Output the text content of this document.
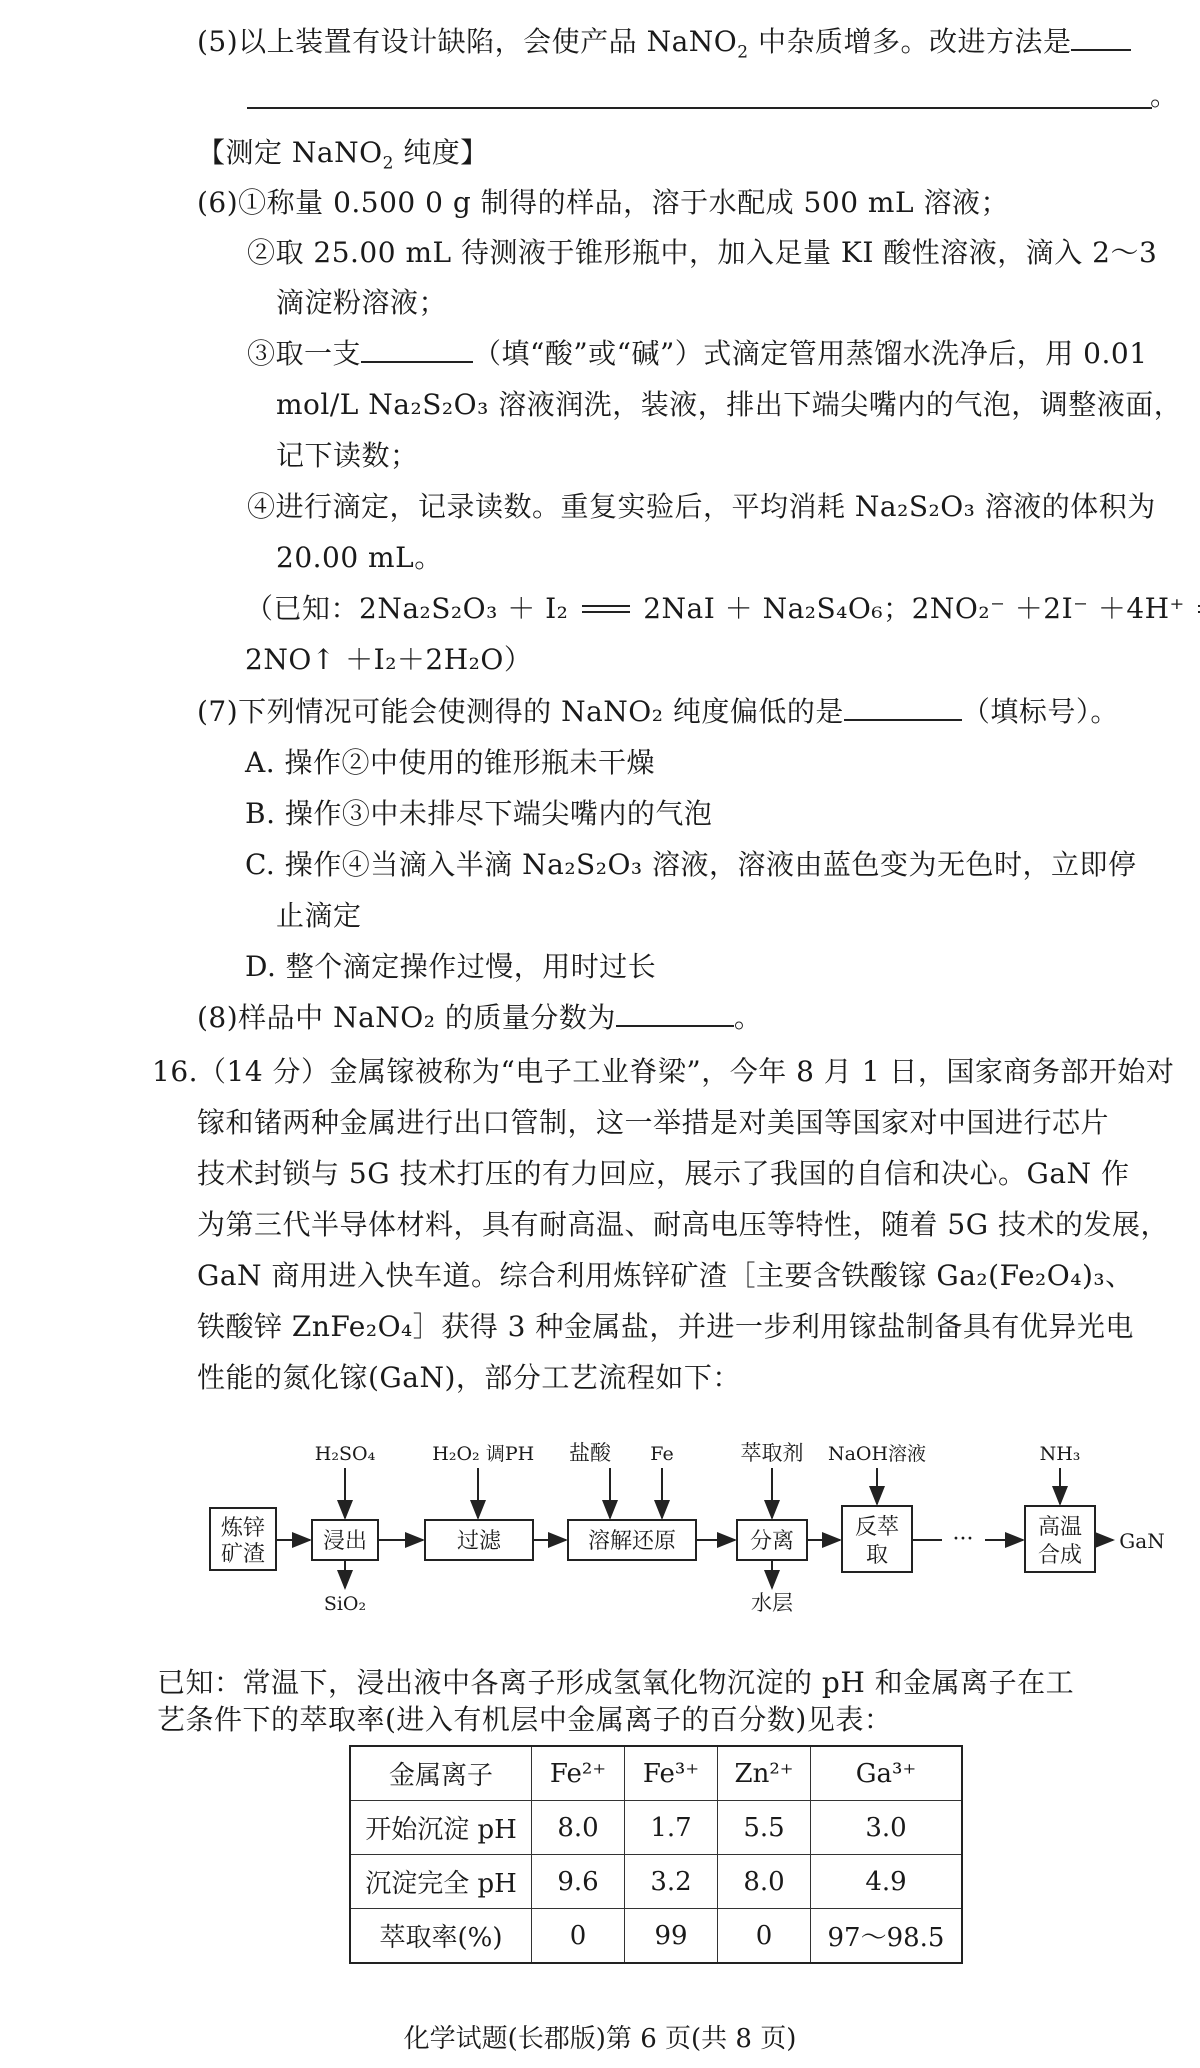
(5)以上装置有设计缺陷，会使产品 NaNO$_2$ 中杂质增多。改进方法是
。
【测定 NaNO$_2$ 纯度】
(6)①称量 0.500 0 g 制得的样品，溶于水配成 500 mL 溶液；
②取 25.00 mL 待测液于锥形瓶中，加入足量 KI 酸性溶液，滴入 2～3
滴淀粉溶液；
③取一支	（填“酸”或“碱”）式滴定管用蒸馏水洗净后，用 0.01
mol/L Na₂S₂O₃ 溶液润洗，装液，排出下端尖嘴内的气泡，调整液面，
记下读数；
④进行滴定，记录读数。重复实验后，平均消耗 Na₂S₂O₃ 溶液的体积为
20.00 mL。
（已知：2Na₂S₂O₃ ＋ I₂  2NaI ＋ Na₂S₄O₆；2NO₂⁻ ＋2I⁻ ＋4H⁺
2NO↑ ＋I₂＋2H₂O）
(7)下列情况可能会使测得的 NaNO₂ 纯度偏低的是	（填标号）。
A. 操作②中使用的锥形瓶未干燥
B. 操作③中未排尽下端尖嘴内的气泡
C. 操作④当滴入半滴 Na₂S₂O₃ 溶液，溶液由蓝色变为无色时，立即停
止滴定
D. 整个滴定操作过慢，用时过长
(8)样品中 NaNO₂ 的质量分数为	。
16.（14 分）金属镓被称为“电子工业脊梁”，今年 8 月 1 日，国家商务部开始对
镓和锗两种金属进行出口管制，这一举措是对美国等国家对中国进行芯片
技术封锁与 5G 技术打压的有力回应，展示了我国的自信和决心。GaN 作
为第三代半导体材料，具有耐高温、耐高电压等特性，随着 5G 技术的发展，
GaN 商用进入快车道。综合利用炼锌矿渣［主要含铁酸镓 Ga₂(Fe₂O₄)₃、
铁酸锌 ZnFe₂O₄］获得 3 种金属盐，并进一步利用镓盐制备具有优异光电
性能的氮化镓(GaN)，部分工艺流程如下：
炼锌
矿渣
浸出	过滤	溶解还原	分离
反萃
取
高温
合成
···	GaN
H₂SO₄	H₂O₂ 调PH 盐酸 Fe	萃取剂 NaOH溶液	NH₃
SiO₂	水层
已知：常温下，浸出液中各离子形成氢氧化物沉淀的 pH 和金属离子在工
金属离子	Fe²⁺	Fe³⁺	Zn²⁺	Ga³⁺
开始沉淀 pH	8.0	1.7	5.5	3.0
沉淀完全 pH	9.6	3.2	8.0	4.9
萃取率(%)	0	99	0	97～98.5
艺条件下的萃取率(进入有机层中金属离子的百分数)见表：
化学试题(长郡版)第 6 页(共 8 页)
